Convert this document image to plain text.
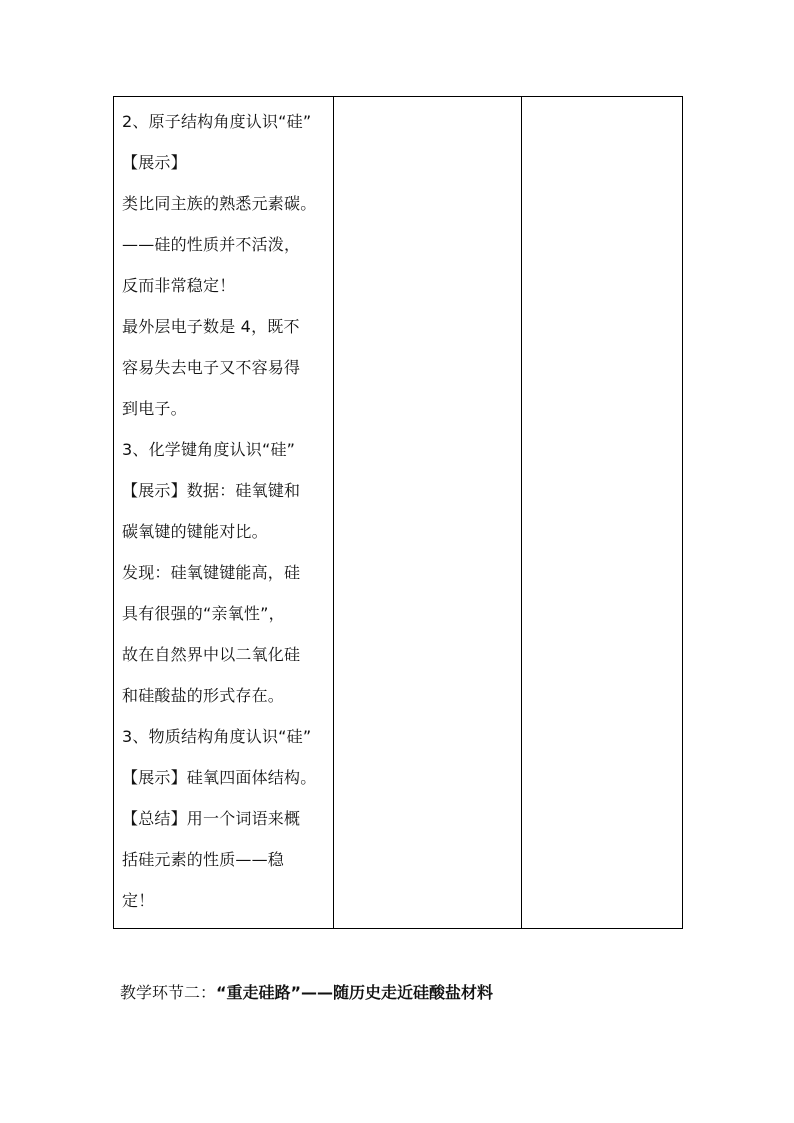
2、原子结构角度认识“硅”
【展示】
类比同主族的熟悉元素碳。
——硅的性质并不活泼，
反而非常稳定！
最外层电子数是 4，既不
容易失去电子又不容易得
到电子。
3、化学键角度认识“硅”
【展示】数据：硅氧键和
碳氧键的键能对比。
发现：硅氧键键能高，硅
具有很强的“亲氧性”，
故在自然界中以二氧化硅
和硅酸盐的形式存在。
3、物质结构角度认识“硅”
【展示】硅氧四面体结构。
【总结】用一个词语来概
括硅元素的性质——稳
定！

教学环节二：“重走硅路”——随历史走近硅酸盐材料
